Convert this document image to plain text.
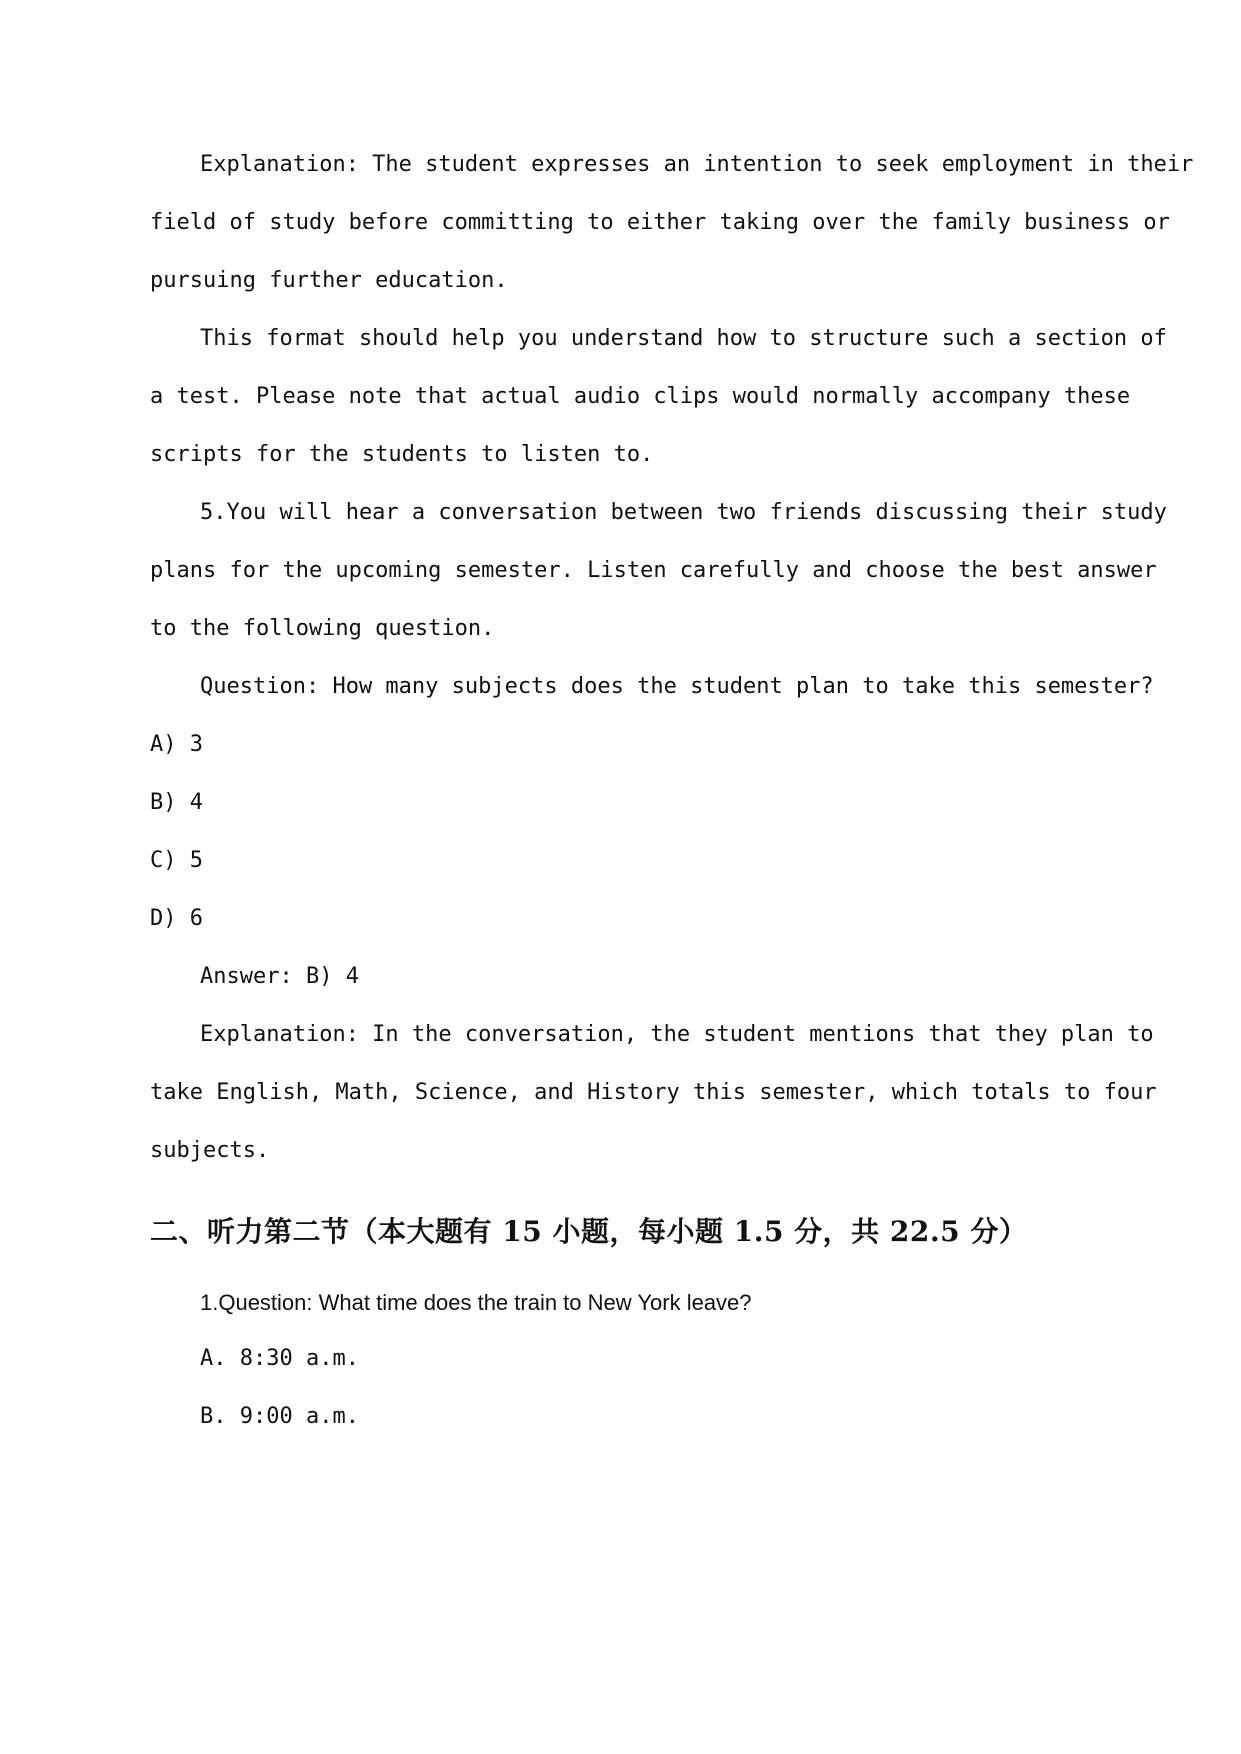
Explanation: The student expresses an intention to seek employment in their
field of study before committing to either taking over the family business or
pursuing further education.
This format should help you understand how to structure such a section of
a test. Please note that actual audio clips would normally accompany these
scripts for the students to listen to.
5.You will hear a conversation between two friends discussing their study
plans for the upcoming semester. Listen carefully and choose the best answer
to the following question.
Question: How many subjects does the student plan to take this semester?
A) 3
B) 4
C) 5
D) 6
Answer: B) 4
Explanation: In the conversation, the student mentions that they plan to
take English, Math, Science, and History this semester, which totals to four
subjects.
二、听力第二节（本大题有 15 小题，每小题 1.5 分，共 22.5 分）
1.Question: What time does the train to New York leave?
A. 8:30 a.m.
B. 9:00 a.m.
